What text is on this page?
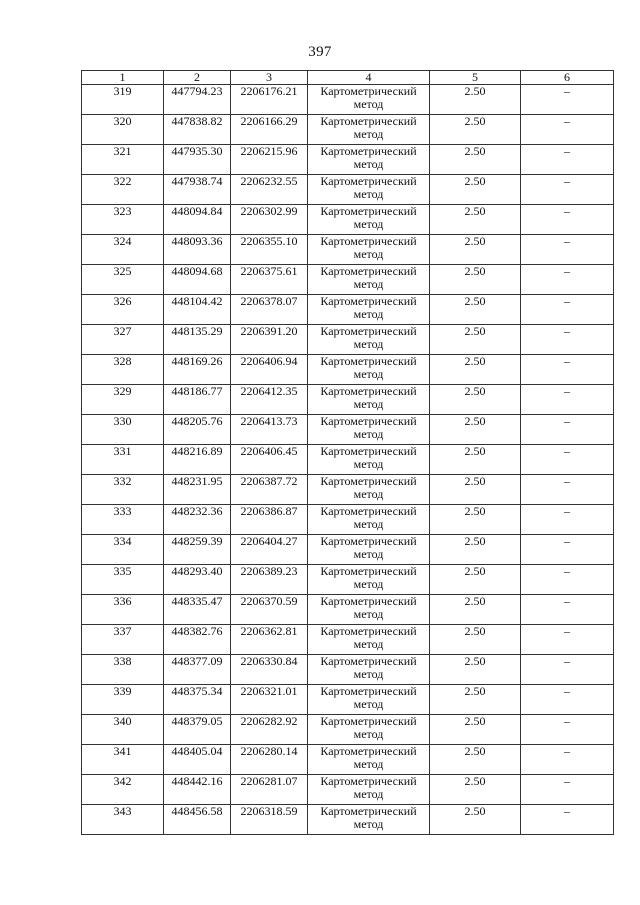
397
1	2	3	4	5	6
319	447794.23	2206176.21	Картометрический метод	2.50	–
320	447838.82	2206166.29	Картометрический метод	2.50	–
321	447935.30	2206215.96	Картометрический метод	2.50	–
322	447938.74	2206232.55	Картометрический метод	2.50	–
323	448094.84	2206302.99	Картометрический метод	2.50	–
324	448093.36	2206355.10	Картометрический метод	2.50	–
325	448094.68	2206375.61	Картометрический метод	2.50	–
326	448104.42	2206378.07	Картометрический метод	2.50	–
327	448135.29	2206391.20	Картометрический метод	2.50	–
328	448169.26	2206406.94	Картометрический метод	2.50	–
329	448186.77	2206412.35	Картометрический метод	2.50	–
330	448205.76	2206413.73	Картометрический метод	2.50	–
331	448216.89	2206406.45	Картометрический метод	2.50	–
332	448231.95	2206387.72	Картометрический метод	2.50	–
333	448232.36	2206386.87	Картометрический метод	2.50	–
334	448259.39	2206404.27	Картометрический метод	2.50	–
335	448293.40	2206389.23	Картометрический метод	2.50	–
336	448335.47	2206370.59	Картометрический метод	2.50	–
337	448382.76	2206362.81	Картометрический метод	2.50	–
338	448377.09	2206330.84	Картометрический метод	2.50	–
339	448375.34	2206321.01	Картометрический метод	2.50	–
340	448379.05	2206282.92	Картометрический метод	2.50	–
341	448405.04	2206280.14	Картометрический метод	2.50	–
342	448442.16	2206281.07	Картометрический метод	2.50	–
343	448456.58	2206318.59	Картометрический метод	2.50	–
